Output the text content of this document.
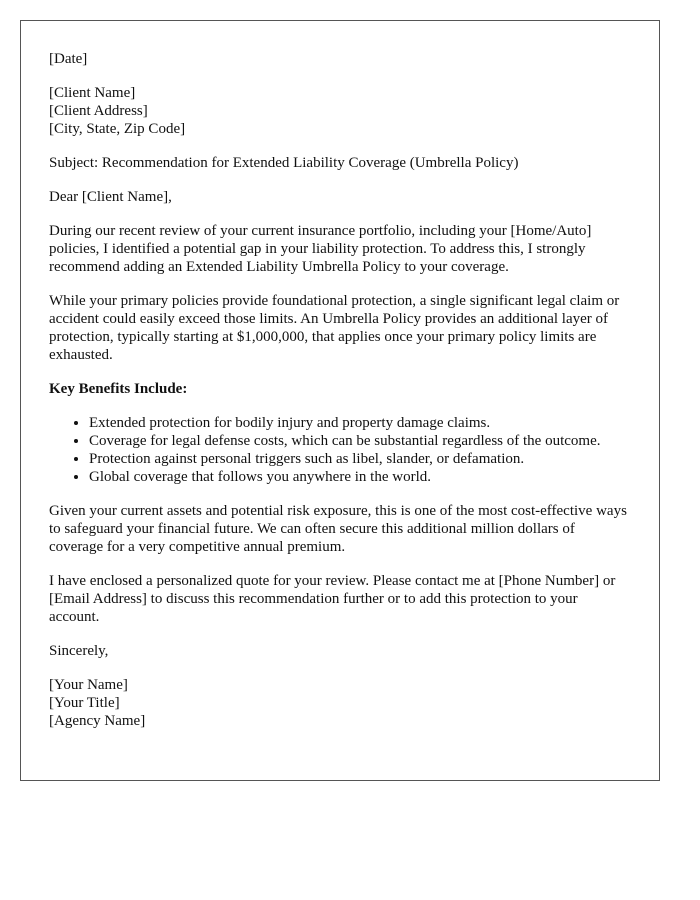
[Date]

[Client Name]
[Client Address]
[City, State, Zip Code]

Subject: Recommendation for Extended Liability Coverage (Umbrella Policy)

Dear [Client Name],

During our recent review of your current insurance portfolio, including your [Home/Auto] policies, I identified a potential gap in your liability protection. To address this, I strongly recommend adding an Extended Liability Umbrella Policy to your coverage.

While your primary policies provide foundational protection, a single significant legal claim or accident could easily exceed those limits. An Umbrella Policy provides an additional layer of protection, typically starting at $1,000,000, that applies once your primary policy limits are exhausted.

Key Benefits Include:

• Extended protection for bodily injury and property damage claims.
• Coverage for legal defense costs, which can be substantial regardless of the outcome.
• Protection against personal triggers such as libel, slander, or defamation.
• Global coverage that follows you anywhere in the world.

Given your current assets and potential risk exposure, this is one of the most cost-effective ways to safeguard your financial future. We can often secure this additional million dollars of coverage for a very competitive annual premium.

I have enclosed a personalized quote for your review. Please contact me at [Phone Number] or [Email Address] to discuss this recommendation further or to add this protection to your account.

Sincerely,

[Your Name]
[Your Title]
[Agency Name]
